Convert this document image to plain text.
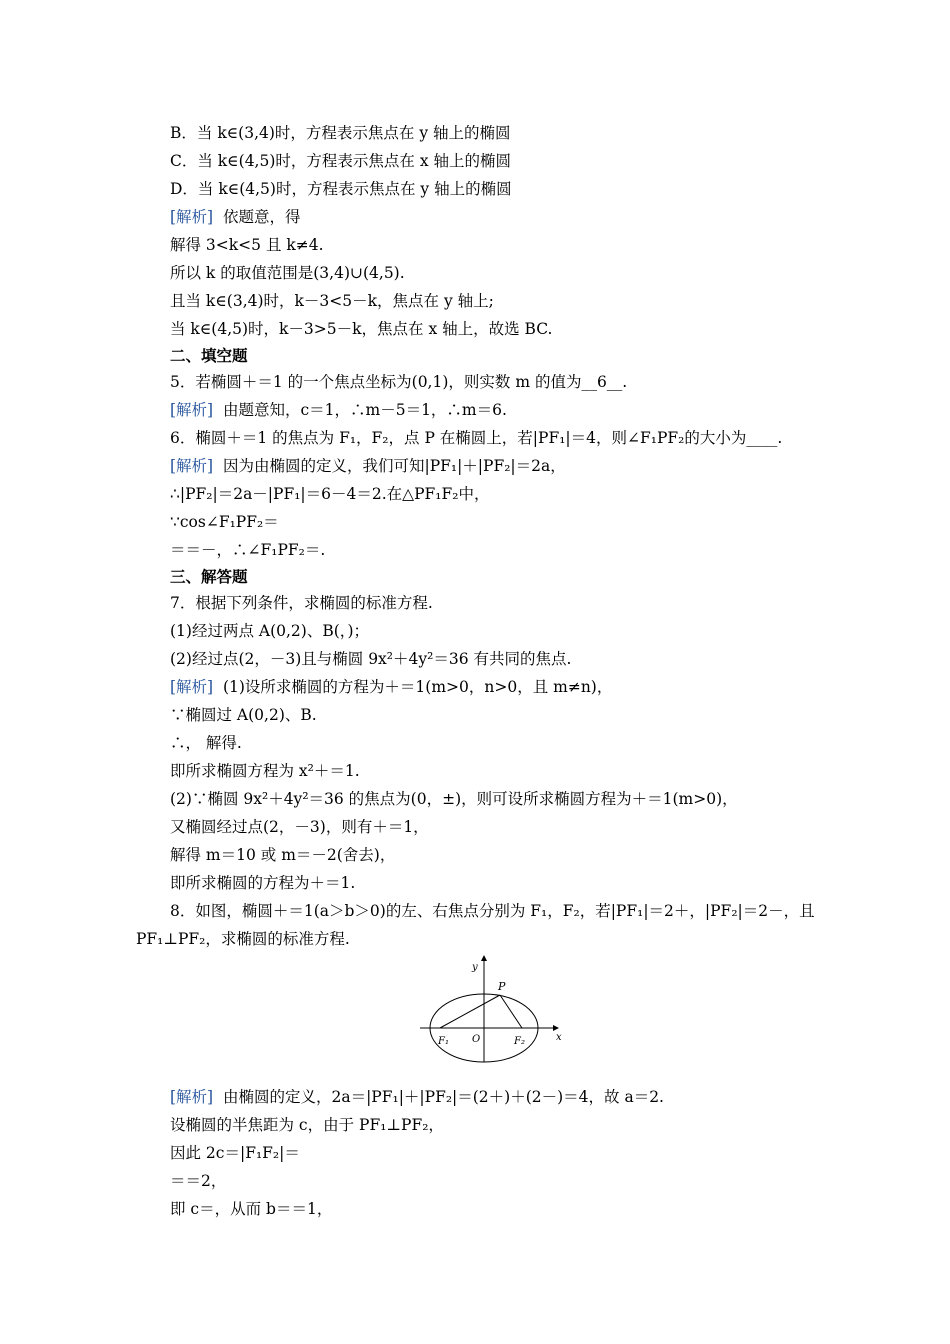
B．当 k∈(3,4)时，方程表示焦点在 y 轴上的椭圆
C．当 k∈(4,5)时，方程表示焦点在 x 轴上的椭圆
D．当 k∈(4,5)时，方程表示焦点在 y 轴上的椭圆
[解析] 依题意，得
解得 3<k<5 且 k≠4.
所以 k 的取值范围是(3,4)∪(4,5).
且当 k∈(3,4)时，k－3<5－k，焦点在 y 轴上;
当 k∈(4,5)时，k－3>5－k，焦点在 x 轴上，故选 BC.
二、填空题
5．若椭圆＋＝1 的一个焦点坐标为(0,1)，则实数 m 的值为__6__.
[解析] 由题意知，c＝1，∴m－5＝1，∴m＝6.
6．椭圆＋＝1 的焦点为 F₁，F₂，点 P 在椭圆上，若|PF₁|＝4，则∠F₁PF₂的大小为____.
[解析] 因为由椭圆的定义，我们可知|PF₁|＋|PF₂|＝2a，
∴|PF₂|＝2a－|PF₁|＝6－4＝2.在△PF₁F₂中，
∵cos∠F₁PF₂＝
＝＝－，∴∠F₁PF₂＝.
三、解答题
7．根据下列条件，求椭圆的标准方程.
(1)经过两点 A(0,2)、B(，)；
(2)经过点(2，－3)且与椭圆 9x²＋4y²＝36 有共同的焦点.
[解析] (1)设所求椭圆的方程为＋＝1(m>0，n>0，且 m≠n)，
∵椭圆过 A(0,2)、B.
∴， 解得.
即所求椭圆方程为 x²＋＝1.
(2)∵椭圆 9x²＋4y²＝36 的焦点为(0，±)，则可设所求椭圆方程为＋＝1(m>0)，
又椭圆经过点(2，－3)，则有＋＝1，
解得 m＝10 或 m＝－2(舍去)，
即所求椭圆的方程为＋＝1.
8．如图，椭圆＋＝1(a＞b＞0)的左、右焦点分别为 F₁，F₂，若|PF₁|＝2＋，|PF₂|＝2－，且
PF₁⊥PF₂，求椭圆的标准方程.
y
x
P
O
F₁	F₂
[解析] 由椭圆的定义，2a＝|PF₁|＋|PF₂|＝(2＋)＋(2－)＝4，故 a＝2.
设椭圆的半焦距为 c，由于 PF₁⊥PF₂，
因此 2c＝|F₁F₂|＝
＝＝2，
即 c＝，从而 b＝＝1，
